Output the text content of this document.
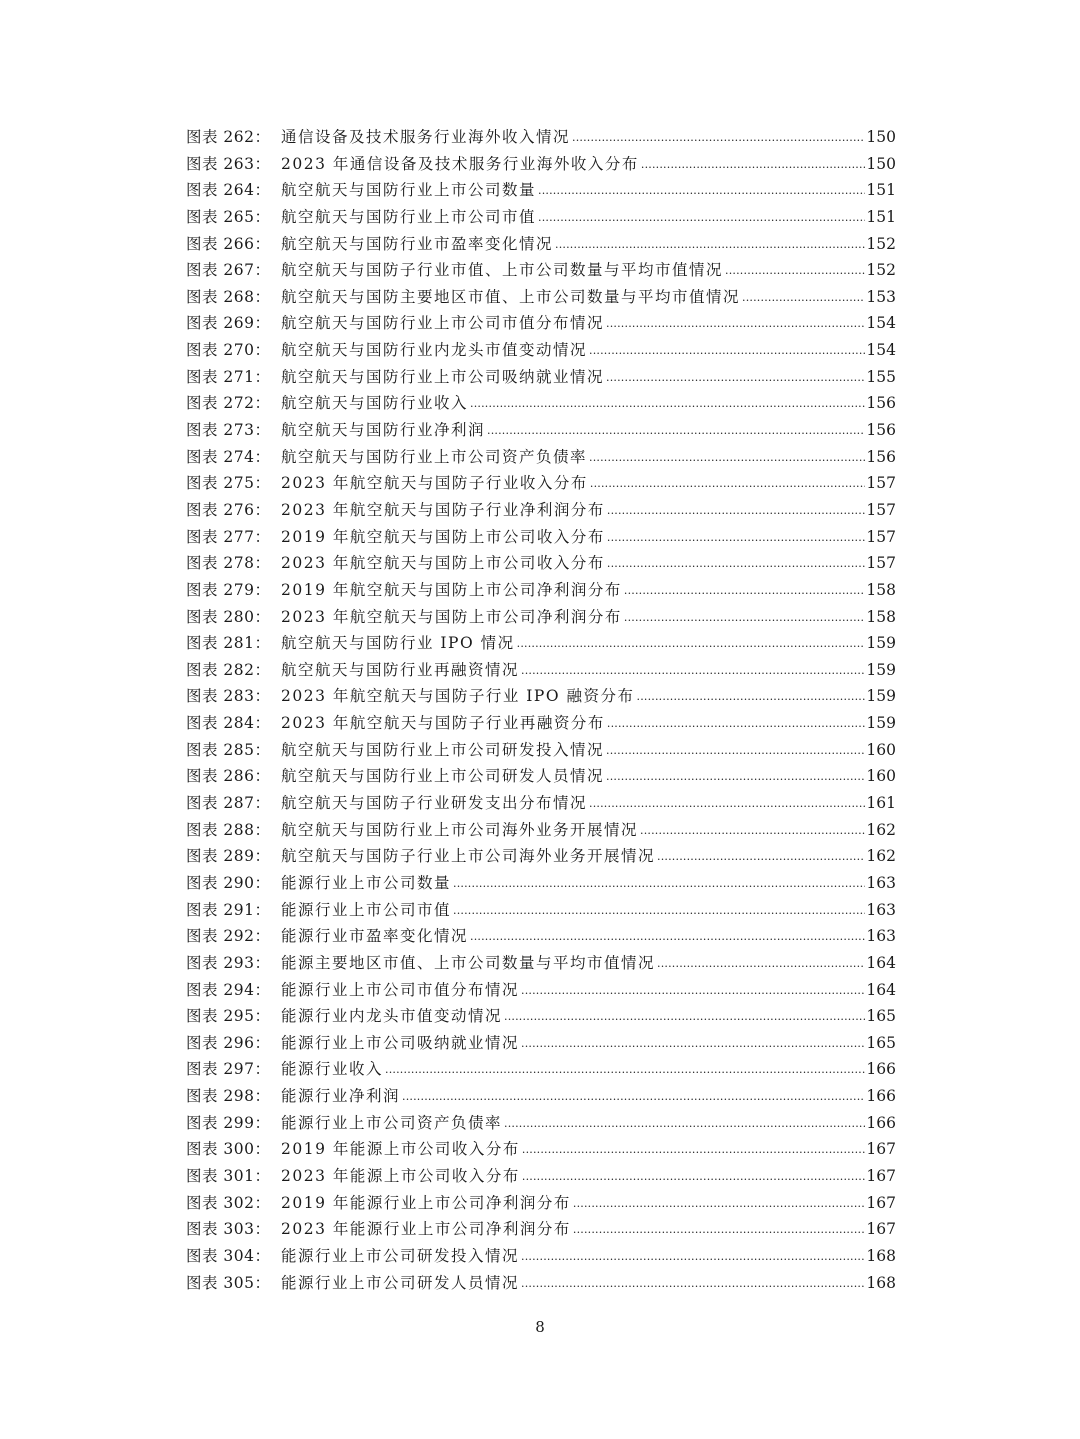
图表 262： 通信设备及技术服务行业海外收入情况 .....	150
图表 263： 2023 年通信设备及技术服务行业海外收入分布 .....	150
图表 264： 航空航天与国防行业上市公司数量 .....	151
图表 265： 航空航天与国防行业上市公司市值 .....	151
图表 266： 航空航天与国防行业市盈率变化情况 .....	152
图表 267： 航空航天与国防子行业市值、上市公司数量与平均市值情况 .....	152
图表 268： 航空航天与国防主要地区市值、上市公司数量与平均市值情况 .....	153
图表 269： 航空航天与国防行业上市公司市值分布情况 .....	154
图表 270： 航空航天与国防行业内龙头市值变动情况 .....	154
图表 271： 航空航天与国防行业上市公司吸纳就业情况 .....	155
图表 272： 航空航天与国防行业收入 .....	156
图表 273： 航空航天与国防行业净利润 .....	156
图表 274： 航空航天与国防行业上市公司资产负债率 .....	156
图表 275： 2023 年航空航天与国防子行业收入分布 .....	157
图表 276： 2023 年航空航天与国防子行业净利润分布 .....	157
图表 277： 2019 年航空航天与国防上市公司收入分布 .....	157
图表 278： 2023 年航空航天与国防上市公司收入分布 .....	157
图表 279： 2019 年航空航天与国防上市公司净利润分布 .....	158
图表 280： 2023 年航空航天与国防上市公司净利润分布 .....	158
图表 281： 航空航天与国防行业 IPO 情况 .....	159
图表 282： 航空航天与国防行业再融资情况 .....	159
图表 283： 2023 年航空航天与国防子行业 IPO 融资分布 .....	159
图表 284： 2023 年航空航天与国防子行业再融资分布 .....	159
图表 285： 航空航天与国防行业上市公司研发投入情况 .....	160
图表 286： 航空航天与国防行业上市公司研发人员情况 .....	160
图表 287： 航空航天与国防子行业研发支出分布情况 .....	161
图表 288： 航空航天与国防行业上市公司海外业务开展情况 .....	162
图表 289： 航空航天与国防子行业上市公司海外业务开展情况 .....	162
图表 290： 能源行业上市公司数量 .....	163
图表 291： 能源行业上市公司市值 .....	163
图表 292： 能源行业市盈率变化情况 .....	163
图表 293： 能源主要地区市值、上市公司数量与平均市值情况 .....	164
图表 294： 能源行业上市公司市值分布情况 .....	164
图表 295： 能源行业内龙头市值变动情况 .....	165
图表 296： 能源行业上市公司吸纳就业情况 .....	165
图表 297： 能源行业收入 .....	166
图表 298： 能源行业净利润 .....	166
图表 299： 能源行业上市公司资产负债率 .....	166
图表 300： 2019 年能源上市公司收入分布 .....	167
图表 301： 2023 年能源上市公司收入分布 .....	167
图表 302： 2019 年能源行业上市公司净利润分布 .....	167
图表 303： 2023 年能源行业上市公司净利润分布 .....	167
图表 304： 能源行业上市公司研发投入情况 .....	168
图表 305： 能源行业上市公司研发人员情况 .....	168
8
